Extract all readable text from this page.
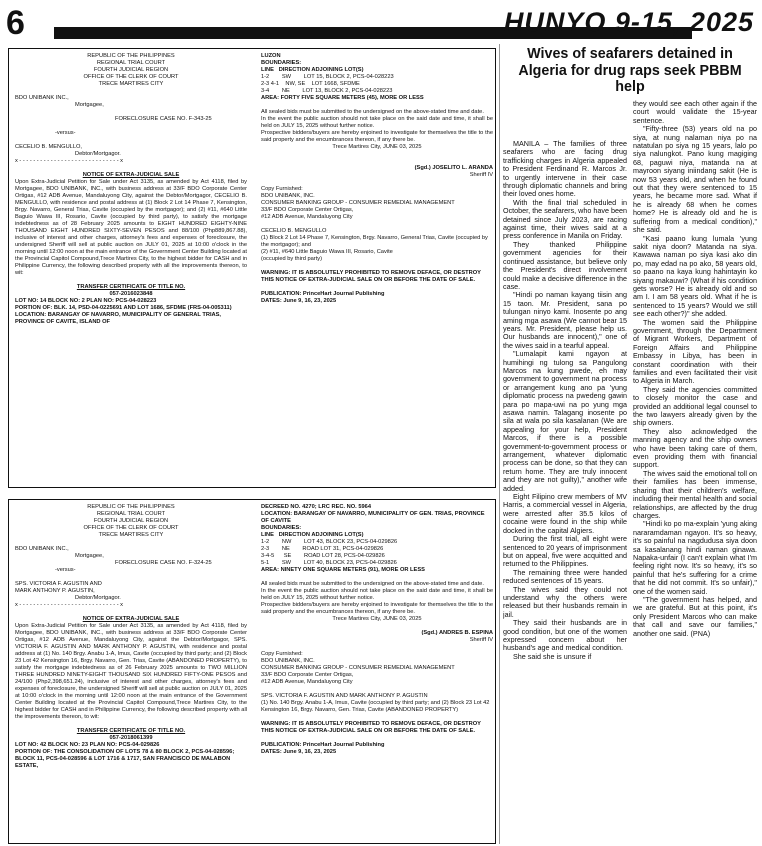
6	HUNYO 9-15, 2025

REPUBLIC OF THE PHILIPPINES

REGIONAL TRIAL COURT

FOURTH JUDICIAL REGION

OFFICE OF THE CLERK OF COURT

TRECE MARTIRES CITY

BDO UNIBANK INC.,

Mortgagee,

FORECLOSURE CASE NO. F-343-25

-versus-

CECELIO B. MENGULLO,

Debtor/Mortgagor.

x - - - - - - - - - - - - - - - - - - - - - - - - - - - - - x

NOTICE OF EXTRA-JUDICIAL SALE

Upon Extra-Judicial Petition for Sale under Act 3135, as amended by Act 4118, filed by Mortgagee, BDO UNIBANK, INC., with business address at 33/F BDO Corporate Center Ortigas, #12 ADB Avenue, Mandaluyong City, against the Debtor/Mortgagor, CECELIO B. MENGULLO, with residence and postal address at (1) Block 2 Lot 14 Phase 7, Kensington, Brgy. Navarro, General Trias, Cavite (occupied by the mortgagor); and (2) #11, #640 Little Baguio Wawa III, Rosario, Cavite (occupied by third party), to satisfy the mortgage indebtedness as of 28 February 2025 amounts to EIGHT HUNDRED EIGHTY-NINE THOUSAND EIGHT HUNDRED SIXTY-SEVEN PESOS and 88/100 (Php889,867.88), inclusive of interest and other charges, attorney's fees and expenses of foreclosure, the undersigned Sheriff will sell at public auction on JULY 01, 2025 at 10:00 o'clock in the morning until 12:00 noon at the main entrance of the Government Center Building located at the Provincial Capitol Compound,Trece Martires City, to the highest bidder for CASH and in Philippine Currency, the following described property with all the improvements thereon, to wit:

TRANSFER CERTIFICATE OF TITLE NO.

057-2016023848

LOT NO: 14 BLOCK NO: 2 PLAN NO: PCS-04-028223

PORTION OF: BLK. 14, PSD-04-0225691 AND LOT 1686, SFDME (FRS-04-005311)

LOCATION: BARANGAY OF NAVARRO, MUNICIPALITY OF GENERAL TRIAS, PROVINCE OF CAVITE, ISLAND OF

LUZON

BOUNDARIES:

LINE   DIRECTION ADJOINING LOT(S)

1-2        SW        LOT 15, BLOCK 2, PCS-04-028223

2-3 4-1    NW, SE    LOT 1668, SFDME

3-4        NE        LOT 13, BLOCK 2, PCS-04-028223

AREA: FORTY FIVE SQUARE METERS (45), MORE OR LESS

All sealed bids must be submitted to the undersigned on the above-stated time and date.

In the event the public auction should not take place on the said date and time, it shall be held on JULY 15, 2025 without further notice.

Prospective bidders/buyers are hereby enjoined to investigate for themselves the title to the said property and the encumbrances thereon, if any there be.

Trece Martires City, JUNE 03, 2025

(Sgd.) JOSELITO L. ARANDA

Sheriff IV

Copy Furnished:

BDO UNIBANK, INC.

CONSUMER BANKING GROUP - CONSUMER REMEDIAL MANAGEMENT

33/F BDO Corporate Center Ortigas,

#12 ADB Avenue, Mandaluyong City

CECELIO B. MENGULLO

(1) Block 2 Lot 14 Phase 7, Kensington, Brgy. Navarro, General Trias, Cavite (occupied by the mortgagor); and

(2) #11, #640 Little Baguio Wawa III, Rosario, Cavite

(occupied by third party)

WARNING: IT IS ABSOLUTELY PROHIBITED TO REMOVE DEFACE, OR DESTROY THIS NOTICE OF EXTRA-JUDICIAL SALE ON OR BEFORE THE DATE OF SALE.

PUBLICATION: PrinceHart Journal Publishing

DATES: June 9, 16, 23, 2025

REPUBLIC OF THE PHILIPPINES

REGIONAL TRIAL COURT

FOURTH JUDICIAL REGION

OFFICE OF THE CLERK OF COURT

TRECE MARTIRES CITY

BDO UNIBANK INC.,

Mortgagee,

FORECLOSURE CASE NO. F-324-25

-versus-

SPS. VICTORIA F. AGUSTIN AND

MARK ANTHONY P. AGUSTIN,

Debtor/Mortgagor.

x - - - - - - - - - - - - - - - - - - - - - - - - - - - - - x

NOTICE OF EXTRA-JUDICIAL SALE

Upon Extra-Judicial Petition for Sale under Act 3135, as amended by Act 4118, filed by Mortgagee, BDO UNIBANK, INC., with business address at 33/F BDO Corporate Center Ortigas, #12 ADB Avenue, Mandaluyong City, against the Debtor/Mortgagor, SPS. VICTORIA F. AGUSTIN AND MARK ANTHONY P. AGUSTIN, with residence and postal address at (1) No. 140 Brgy. Anabu 1-A, Imus, Cavite (occupied by third party; and (2) Block 23 Lot 42 Kensington 16, Brgy. Navarro, Gen. Trias, Cavite (ABANDONED PROPERTY), to satisfy the mortgage indebtedness as of 26 February 2025 amounts to TWO MILLION THREE HUNDRED NINETY-EIGHT THOUSAND SIX HUNDRED FIFTY-ONE PESOS and 24/100 (Php2,398,651.24), inclusive of interest and other charges, attorney's fees and expenses of foreclosure, the undersigned Sheriff will sell at public auction on JULY 01, 2025 at 10:00 o'clock in the morning until 12:00 noon at the main entrance of the Government Center Building located at the Provincial Capitol Compound,Trece Martires City, to the highest bidder for CASH and in Philippine Currency, the following described property with all the improvements thereon, to wit:

TRANSFER CERTIFICATE OF TITLE NO.

057-2018061399

LOT NO: 42 BLOCK NO: 23 PLAN NO: PCS-04-029826

PORTION OF: THE CONSOLIDATION OF LOTS 78 & 80 BLOCK 2, PCS-04-028596; BLOCK 11, PCS-04-028596 & LOT 1716 & 1717, SAN FRANCISCO DE MALABON ESTATE,

DECREED NO. 4270; LRC REC. NO. 5964

LOCATION: BARANGAY OF NAVARRO, MUNICIPALITY OF GEN. TRIAS, PROVINCE OF CAVITE

BOUNDARIES:

LINE   DIRECTION ADJOINING LOT(S)

1-2        NW        LOT 43, BLOCK 23, PCS-04-029826

2-3        NE        ROAD LOT 31, PCS-04-029826

3-4-5      SE        ROAD LOT 28, PCS-04-029826

5-1        SW        LOT 40, BLOCK 23, PCS-04-029826

AREA: NINETY ONE SQUARE METERS (91), MORE OR LESS

All sealed bids must be submitted to the undersigned on the above-stated time and date.

In the event the public auction should not take place on the said date and time, it shall be held on JULY 15, 2025 without further notice.

Prospective bidders/buyers are hereby enjoined to investigate for themselves the title to the said property and the encumbrances thereon, if any there be.

Trece Martires City, JUNE 03, 2025

(Sgd.) ANDRES B. ESPINA

Sheriff IV

Copy Furnished:

BDO UNIBANK, INC.

CONSUMER BANKING GROUP - CONSUMER REMEDIAL MANAGEMENT

33/F BDO Corporate Center Ortigas,

#12 ADB Avenue, Mandaluyong City

SPS. VICTORIA F. AGUSTIN AND MARK ANTHONY P. AGUSTIN

(1) No. 140 Brgy. Anabu 1-A, Imus, Cavite (occupied by third party; and (2) Block 23 Lot 42 Kensington 16, Brgy. Navarro, Gen. Trias, Cavite (ABANDONED PROPERTY)

WARNING: IT IS ABSOLUTELY PROHIBITED TO REMOVE DEFACE, OR DESTROY THIS NOTICE OF EXTRA-JUDICIAL SALE ON OR BEFORE THE DATE OF SALE.

PUBLICATION: PrinceHart Journal Publishing

DATES: June 9, 16, 23, 2025

Wives of seafarers detained in Algeria for drug raps seek PBBM help

MANILA – The families of three seafarers who are facing drug trafficking charges in Algeria appealed to President Ferdinand R. Marcos Jr. to urgently intervene in their case through diplomatic channels and bring their loved ones home.

With the final trial scheduled in October, the seafarers, who have been detained since July 2023, are racing against time, their wives said at a press conference in Manila on Friday.

They thanked Philippine government agencies for their continued assistance, but believe only the President's direct involvement could make a decisive difference in the case.

"Hindi po naman kayang tiisin ang 15 taon. Mr. President, sana po tulungan ninyo kami. Inosente po ang aming mga asawa (We cannot bear 15 years. Mr. President, please help us. Our husbands are innocent)," one of the wives said in a tearful appeal.

"Lumalapit kami ngayon at humihingi ng tulong sa Pangulong Marcos na kung pwede, eh may government to government na process or arrangement kung ano pa 'yung diplomatic process na pwedeng gawin para po mapa-uwi na po yung mga asawa namin. Talagang inosente po sila at wala po sila kasalanan (We are appealing for your help, President Marcos, if there is a possible government-to-government process or arrangement, whatever diplomatic process can be done, so that they can return home. They are truly innocent and they are not guilty)," another wife added.

Eight Filipino crew members of MV Harris, a commercial vessel in Algeria, were arrested after 35.5 kilos of cocaine were found in the ship while docked in the capital Algiers.

During the first trial, all eight were sentenced to 20 years of imprisonment but on appeal, five were acquitted and returned to the Philippines.

The remaining three were handed reduced sentences of 15 years.

The wives said they could not understand why the others were released but their husbands remain in jail.

They said their husbands are in good condition, but one of the women expressed concern about her husband's age and medical condition.

She said she is unsure if

they would see each other again if the court would validate the 15-year sentence.

"Fifty-three (53) years old na po siya, at nung nalaman niya po na natatulan po siya ng 15 years, lalo po siya nalungkot. Pano kung magiging 68, paguwi niya, matanda na at mayroon siyang iniindang sakit (He is now 53 years old, and when he found out that they were sentenced to 15 years, he became more sad. What if he is already 68 when he comes home? He is already old and he is suffering from a medical condition)," she said.

"Kasi paano kung lumala 'yung sakit niya doon? Matanda na siya. Kawawa naman po siya kasi ako din po, may edad na po ako, 58 years old, so paano na kaya kung hahintayin ko siyang makauwi? (What if his condition gets worse? He is already old and so am I. I am 58 years old. What if he is sentenced to 15 years? Would we still see each other?)" she added.

The women said the Philippine government, through the Department of Migrant Workers, Department of Foreign Affairs and Philippine Embassy in Libya, has been in constant coordination with their families and even facilitated their visit to Algeria in March.

They said the agencies committed to closely monitor the case and provided an additional legal counsel to the two lawyers already given by the ship owners.

They also acknowledged the manning agency and the ship owners who have been taking care of them, even providing them with financial support.

The wives said the emotional toll on their families has been immense, sharing that their children's welfare, including their mental health and social relationships, are affected by the drug charges.

"Hindi ko po ma-explain 'yung aking nararamdaman ngayon. It's so heavy, it's so painful na nagdudusa siya doon sa kasalanang hindi naman ginawa. Napaka-unfair (I can't explain what I'm feeling right now. It's so heavy, it's so painful that he's suffering for a crime that he did not commit. It's so unfair)," one of the women said.

"The government has helped, and we are grateful. But at this point, it's only President Marcos who can make that call and save our families," another one said. (PNA)
